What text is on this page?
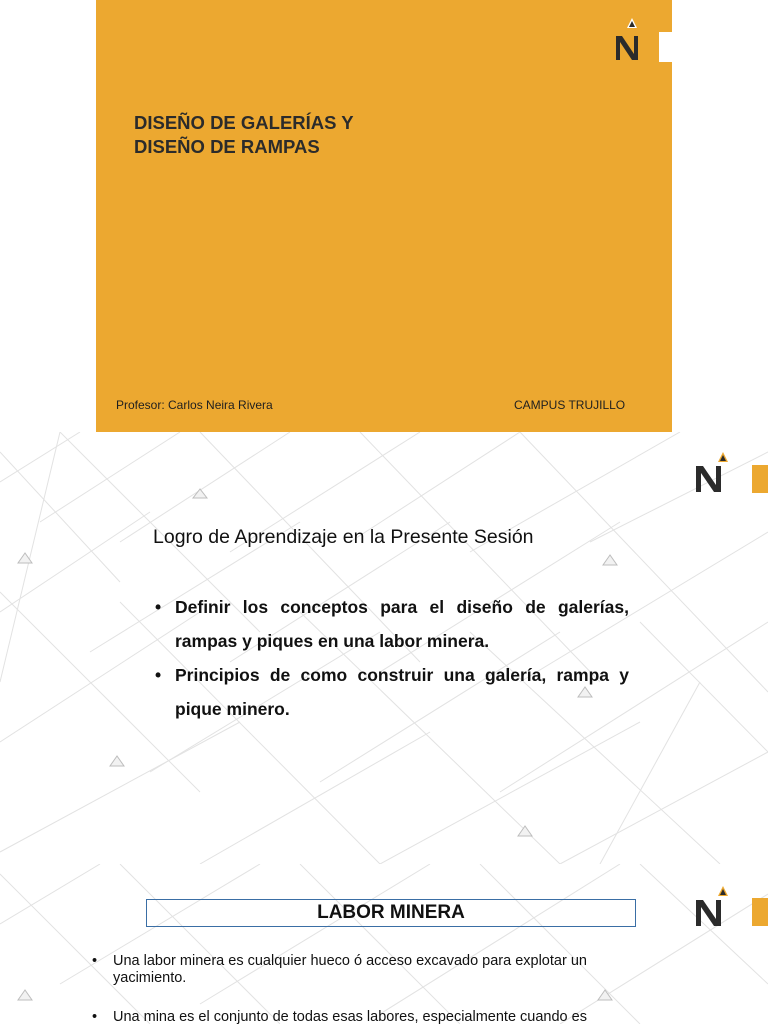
DISEÑO DE GALERÍAS Y
DISEÑO DE RAMPAS
Profesor: Carlos Neira Rivera	CAMPUS TRUJILLO
Logro de Aprendizaje en la Presente Sesión
• Definir los conceptos para el diseño de galerías, rampas y piques en una labor minera.
• Principios de como construir una galería, rampa y pique minero.
LABOR MINERA
• Una labor minera es cualquier hueco ó acceso excavado para explotar un yacimiento.
• Una mina es el conjunto de todas esas labores, especialmente cuando es
